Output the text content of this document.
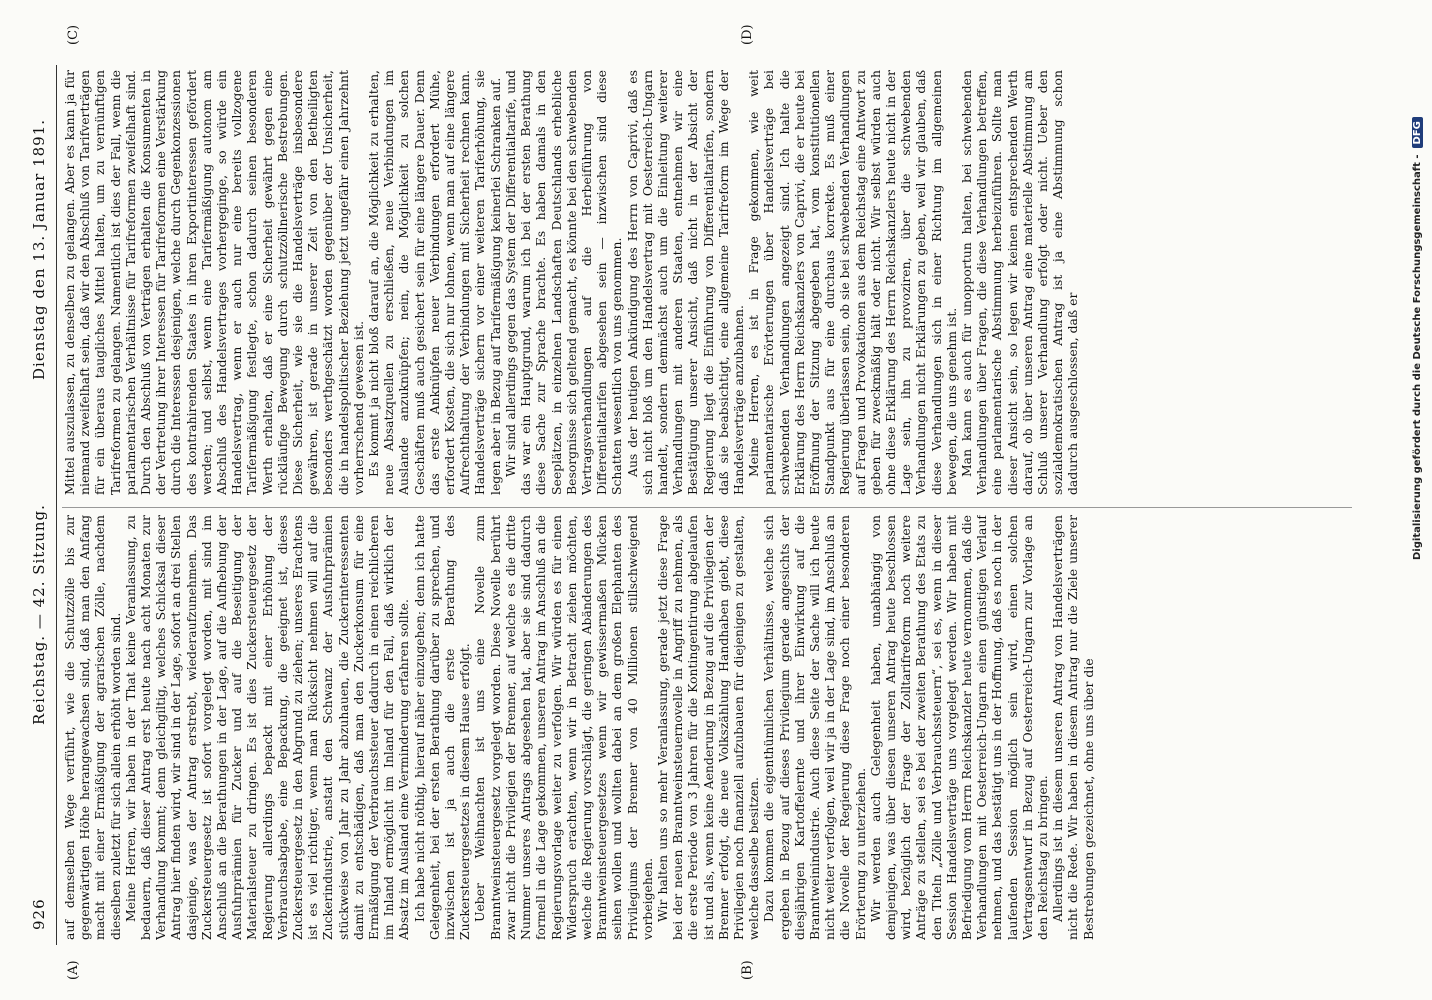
926
Reichstag. — 42. Sitzung.
Dienstag den 13. Januar 1891.
(A)	(B)
(C)	(D)

auf demselben Wege verführt, wie die Schutzzölle bis zur gegenwärtigen Höhe herangewachsen sind, daß man den Anfang macht mit einer Ermäßigung der agrarischen Zölle, nachdem dieselben zuletzt für sich allein erhöht worden sind. Meine Herren, wir haben in der That keine Veranlassung, zu bedauern, daß dieser Antrag erst heute nach acht Monaten zur Verhandlung kommt; denn gleichgiltig, welches Schicksal dieser Antrag hier finden wird, wir sind in der Lage, sofort an drei Stellen dasjenige, was der Antrag erstrebt, wiederaufzunehmen. Das Zuckersteuergesetz ist sofort vorgelegt worden, mit sind im Anschluß an die Berathungen in der Lage, auf die Aufhebung der Ausfuhrprämien für Zucker und auf die Beseitigung der Materialsteuer zu dringen. Es ist dies Zuckersteuergesetz der Regierung allerdings bepackt mit einer Erhöhung der Verbrauchsabgabe, eine Bepackung, die geeignet ist, dieses Zuckersteuergesetz in den Abgrund zu ziehen; unseres Erachtens ist es viel richtiger, wenn man Rücksicht nehmen will auf die Zuckerindustrie, anstatt den Schwanz der Ausfuhrprämien stückweise von Jahr zu Jahr abzuhauen, die Zuckerinteressenten damit zu entschädigen, daß man den Zuckerkonsum für eine Ermäßigung der Verbrauchssteuer dadurch in einen reichlicheren im Inland ermöglicht im Inland für den Fall, daß wirklich der Absatz im Ausland eine Verminderung erfahren sollte. Ich habe nicht nöthig, hierauf näher einzugehen; denn ich hatte Gelegenheit, bei der ersten Berathung darüber zu sprechen, und inzwischen ist ja auch die erste Berathung des Zuckersteuergesetzes in diesem Hause erfolgt. Ueber Weihnachten ist uns eine Novelle zum Branntweinsteuergesetz vorgelegt worden. Diese Novelle berührt zwar nicht die Privilegien der Brenner, auf welche es die dritte Nummer unseres Antrags abgesehen hat, aber sie sind dadurch formell in die Lage gekommen, unseren Antrag im Anschluß an die Regierungsvorlage weiter zu verfolgen. Wir würden es für einen Widerspruch erachten, wenn wir in Betracht ziehen möchten, welche die Regierung vorschlägt, die geringen Abänderungen des Branntweinsteuergesetzes wenn wir gewissermaßen Mücken seihen wollen und wollten dabei an dem großen Elephanten des Privilegiums der Brenner von 40 Millionen stillschweigend vorbeigehen. Wir halten uns so mehr Veranlassung, gerade jetzt diese Frage bei der neuen Branntweinsteuernovelle in Angriff zu nehmen, als die erste Periode von 3 Jahren für die Kontingentirung abgelaufen ist und als, wenn keine Aenderung in Bezug auf die Privilegien der Brenner erfolgt, die neue Volkszählung Handhaben giebt, diese Privilegien noch finanziell aufzubauen für diejenigen zu gestalten, welche dasselbe besitzen. Dazu kommen die eigenthümlichen Verhältnisse, welche sich ergeben in Bezug auf dieses Privilegium gerade angesichts der diesjährigen Kartoffelernte und ihrer Einwirkung auf die Branntweinindustrie. Auch diese Seite der Sache will ich heute nicht weiter verfolgen, weil wir ja in der Lage sind, im Anschluß an die Novelle der Regierung diese Frage noch einer besonderen Erörterung zu unterziehen. Wir werden auch Gelegenheit haben, unabhängig von demjenigen, was über diesen unseren Antrag heute beschlossen wird, bezüglich der Frage der Zolltarifreform noch weitere Anträge zu stellen, sei es bei der zweiten Berathung des Etats zu den Titeln „Zölle und Verbrauchssteuern“, sei es, wenn in dieser Session Handelsverträge uns vorgelegt werden. Wir haben mit Befriedigung vom Herrn Reichskanzler heute vernommen, daß die Verhandlungen mit Oesterreich-Ungarn einen günstigen Verlauf nehmen, und das bestätigt uns in der Hoffnung, daß es noch in der laufenden Session möglich sein wird, einen solchen Vertragsentwurf in Bezug auf Oesterreich-Ungarn zur Vorlage an den Reichstag zu bringen. Allerdings ist in diesem unseren Antrag von Handelsverträgen nicht die Rede. Wir haben in diesem Antrag nur die Ziele unserer Bestrebungen gezeichnet, ohne uns über die

Mittel auszulassen, zu denselben zu gelangen. Aber es kann ja für niemand zweifelhaft sein, daß wir den Abschluß von Tarifverträgen für ein überaus taugliches Mittel halten, um zu vernünftigen Tarifreformen zu gelangen. Namentlich ist dies der Fall, wenn die parlamentarischen Verhältnisse für Tarifreformen zweifelhaft sind. Durch den Abschluß von Verträgen erhalten die Konsumenten in der Vertretung ihrer Interessen für Tarifreformen eine Verstärkung durch die Interessen desjenigen, welche durch Gegenkonzessionen des kontrahirenden Staates in ihren Exportinteressen gefördert werden; und selbst, wenn eine Tarifermäßigung autonom am Abschluß des Handelsvertrages vorhergeginge, so würde ein Handelsvertrag, wenn er auch nur eine bereits vollzogene Tarifermäßigung festlegte, schon dadurch seinen besonderen Werth erhalten, daß er eine Sicherheit gewährt gegen eine rückläufige Bewegung durch schutzzöllnerische Bestrebungen. Diese Sicherheit, wie sie die Handelsverträge insbesondere gewähren, ist gerade in unserer Zeit von den Betheiligten besonders werthgeschätzt worden gegenüber der Unsicherheit, die in handelspolitischer Beziehung jetzt ungefähr einen Jahrzehnt vorherrschend gewesen ist. Es kommt ja nicht bloß darauf an, die Möglichkeit zu erhalten, neue Absatzquellen zu erschließen, neue Verbindungen im Auslande anzuknüpfen; nein, die Möglichkeit zu solchen Geschäften muß auch gesichert sein für eine längere Dauer. Denn das erste Anknüpfen neuer Verbindungen erfordert Mühe, erfordert Kosten, die sich nur lohnen, wenn man auf eine längere Aufrechthaltung der Verbindungen mit Sicherheit rechnen kann. Handelsverträge sichern vor einer weiteren Tariferhöhung, sie legen aber in Bezug auf Tarifermäßigung keinerlei Schranken auf. Wir sind allerdings gegen das System der Differentialtarife, und das war ein Hauptgrund, warum ich bei der ersten Berathung diese Sache zur Sprache brachte. Es haben damals in den Seeplätzen, in einzelnen Landschaften Deutschlands erhebliche Besorgnisse sich geltend gemacht, es könnte bei den schwebenden Vertragsverhandlungen auf die Herbeiführung von Differentialtarifen abgesehen sein — inzwischen sind diese Schatten wesentlich von uns genommen. Aus der heutigen Ankündigung des Herrn von Caprivi, daß es sich nicht bloß um den Handelsvertrag mit Oesterreich-Ungarn handelt, sondern demnächst auch um die Einleitung weiterer Verhandlungen mit anderen Staaten, entnehmen wir eine Bestätigung unserer Ansicht, daß nicht in der Absicht der Regierung liegt die Einführung von Differentialtarifen, sondern daß sie beabsichtigt, eine allgemeine Tarifreform im Wege der Handelsverträge anzubahnen. Meine Herren, es ist in Frage gekommen, wie weit parlamentarische Erörterungen über Handelsverträge bei schwebenden Verhandlungen angezeigt sind. Ich halte die Erklärung des Herrn Reichskanzlers von Caprivi, die er heute bei Eröffnung der Sitzung abgegeben hat, vom konstitutionellen Standpunkt aus für eine durchaus korrekte. Es muß einer Regierung überlassen sein, ob sie bei schwebenden Verhandlungen auf Fragen und Provokationen aus dem Reichstag eine Antwort zu geben für zweckmäßig hält oder nicht. Wir selbst würden auch ohne diese Erklärung des Herrn Reichskanzlers heute nicht in der Lage sein, ihn zu provoziren, über die schwebenden Verhandlungen nicht Erklärungen zu geben, weil wir glauben, daß diese Verhandlungen sich in einer Richtung im allgemeinen bewegen, die uns genehm ist. Man kann es auch für unopportun halten, bei schwebenden Verhandlungen über Fragen, die diese Verhandlungen betreffen, eine parlamentarische Abstimmung herbeizuführen. Sollte man dieser Ansicht sein, so legen wir keinen entsprechenden Werth darauf, ob über unseren Antrag eine materielle Abstimmung am Schluß unserer Verhandlung erfolgt oder nicht. Ueber den sozialdemokratischen Antrag ist ja eine Abstimmung schon dadurch ausgeschlossen, daß er	Digitalisierung gefördert durch die Deutsche Forschungsgemeinschaft -DFG
